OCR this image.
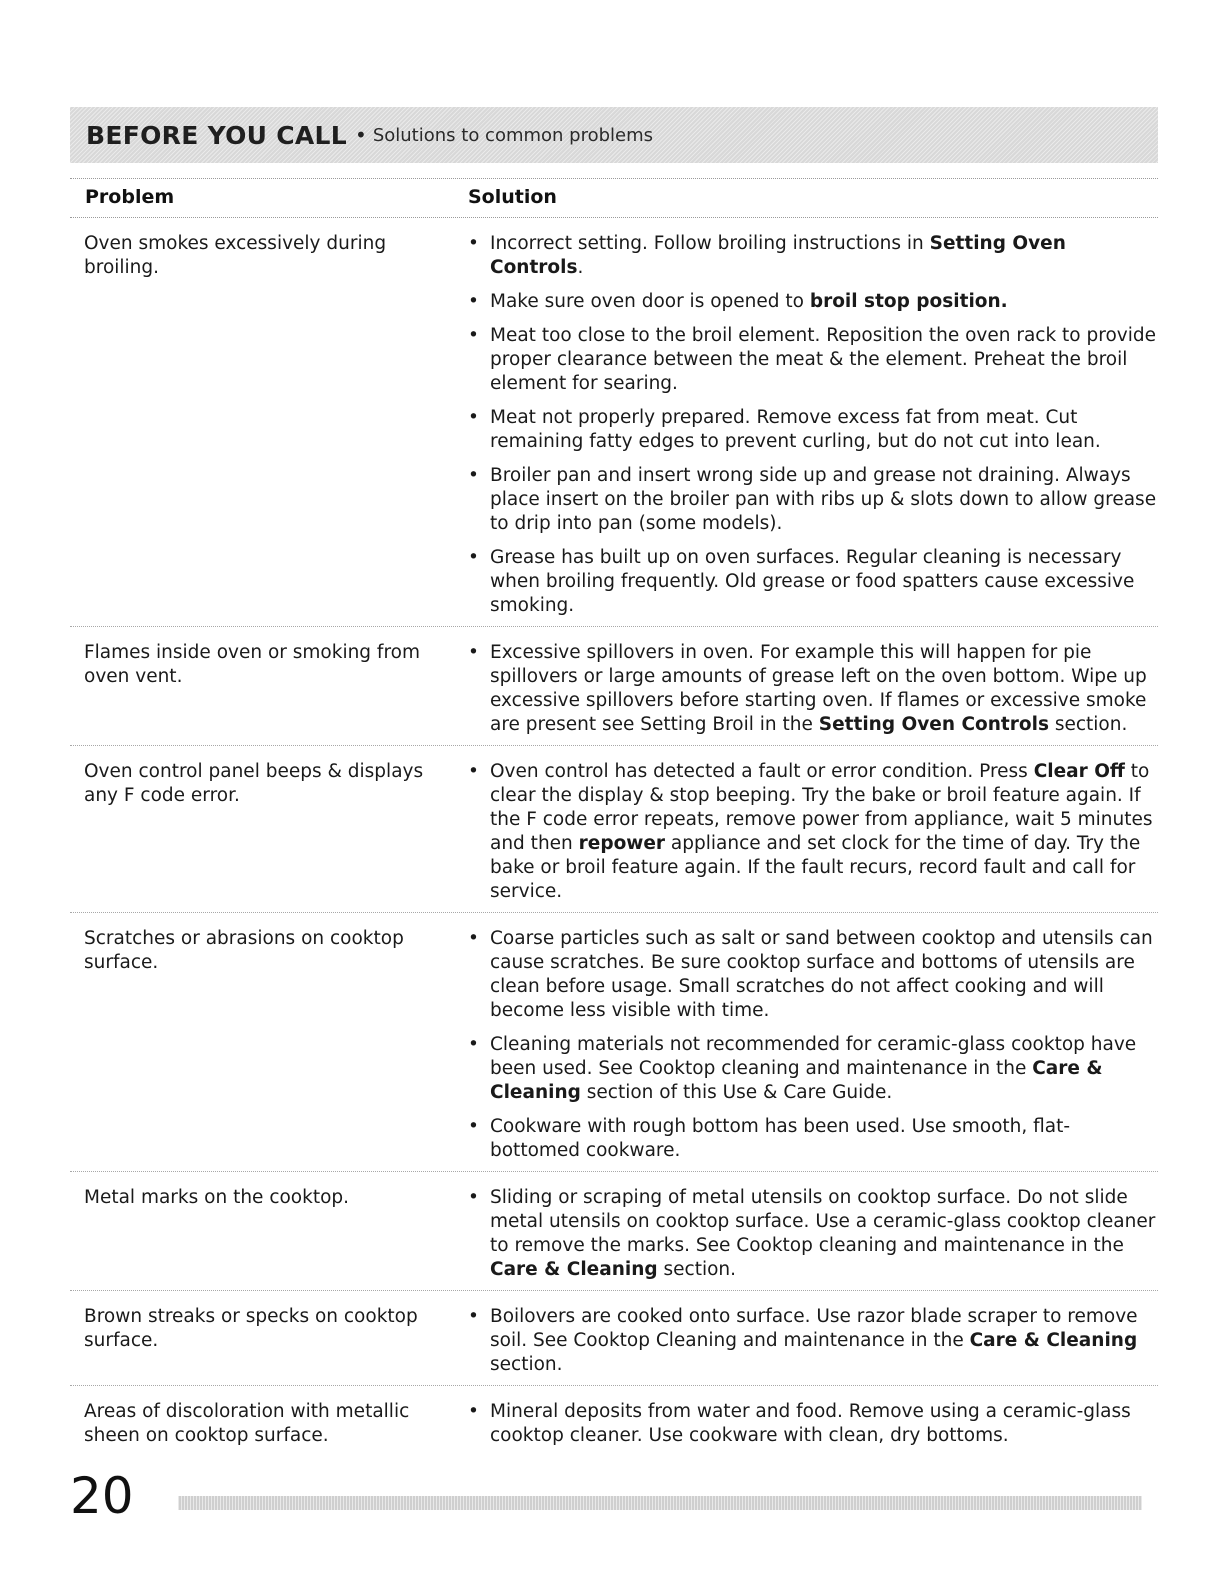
BEFORE YOU CALL • Solutions to common problems
Problem	Solution
Oven smokes excessively during broiling.
• Incorrect setting. Follow broiling instructions in Setting Oven Controls.
• Make sure oven door is opened to broil stop position.
• Meat too close to the broil element. Reposition the oven rack to provide proper clearance between the meat & the element. Preheat the broil element for searing.
• Meat not properly prepared. Remove excess fat from meat. Cut remaining fatty edges to prevent curling, but do not cut into lean.
• Broiler pan and insert wrong side up and grease not draining. Always place insert on the broiler pan with ribs up & slots down to allow grease to drip into pan (some models).
• Grease has built up on oven surfaces. Regular cleaning is necessary when broiling frequently. Old grease or food spatters cause excessive smoking.
Flames inside oven or smoking from oven vent.
• Excessive spillovers in oven. For example this will happen for pie spillovers or large amounts of grease left on the oven bottom. Wipe up excessive spillovers before starting oven. If flames or excessive smoke are present see Setting Broil in the Setting Oven Controls section.
Oven control panel beeps & displays any F code error.
• Oven control has detected a fault or error condition. Press Clear Off to clear the display & stop beeping. Try the bake or broil feature again. If the F code error repeats, remove power from appliance, wait 5 minutes and then repower appliance and set clock for the time of day. Try the bake or broil feature again. If the fault recurs, record fault and call for service.
Scratches or abrasions on cooktop surface.
• Coarse particles such as salt or sand between cooktop and utensils can cause scratches. Be sure cooktop surface and bottoms of utensils are clean before usage. Small scratches do not affect cooking and will become less visible with time.
• Cleaning materials not recommended for ceramic-glass cooktop have been used. See Cooktop cleaning and maintenance in the Care & Cleaning section of this Use & Care Guide.
• Cookware with rough bottom has been used. Use smooth, flat-bottomed cookware.
Metal marks on the cooktop.	• Sliding or scraping of metal utensils on cooktop surface. Do not slide metal utensils on cooktop surface. Use a ceramic-glass cooktop cleaner to remove the marks. See Cooktop cleaning and maintenance in the Care & Cleaning section.
Brown streaks or specks on cooktop surface.
• Boilovers are cooked onto surface. Use razor blade scraper to remove soil. See Cooktop Cleaning and maintenance in the Care & Cleaning section.
Areas of discoloration with metallic sheen on cooktop surface.
• Mineral deposits from water and food. Remove using a ceramic-glass cooktop cleaner. Use cookware with clean, dry bottoms.
20
